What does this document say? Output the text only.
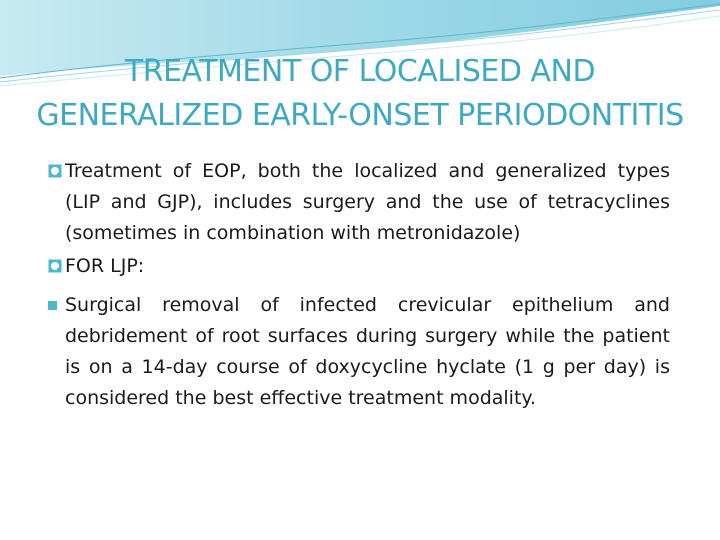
TREATMENT OF LOCALISED AND
GENERALIZED EARLY-ONSET PERIODONTITIS
Treatment of EOP, both the localized and generalized types (LIP and GJP), includes surgery and the use of tetracyclines (sometimes in combination with metronidazole)
FOR LJP:
Surgical removal of infected crevicular epithelium and debridement of root surfaces during surgery while the patient is on a 14-day course of doxycycline hyclate (1 g per day) is considered the best effective treatment modality.
